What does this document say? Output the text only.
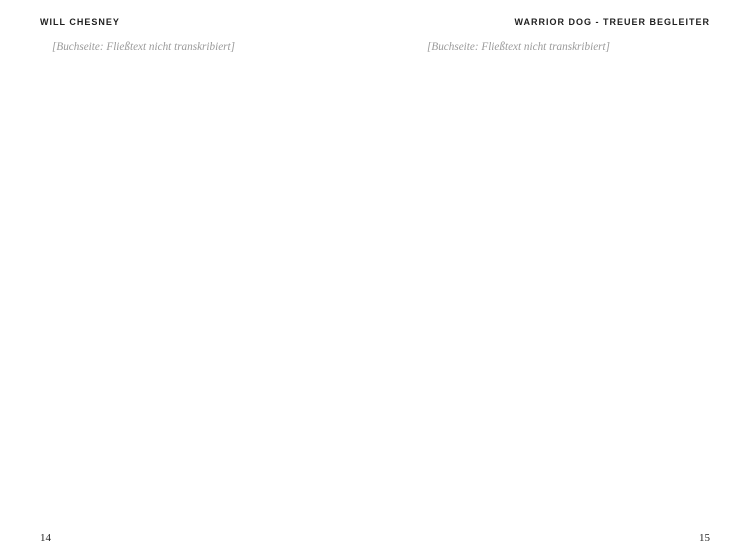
WILL CHESNEY
[Buchseite: Fließtext nicht transkribiert]
14
WARRIOR DOG - TREUER BEGLEITER
[Buchseite: Fließtext nicht transkribiert]
15
